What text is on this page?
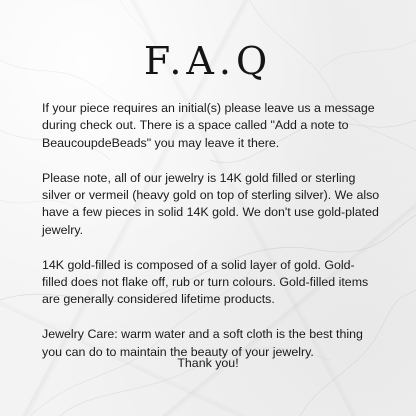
F.A.Q

If your piece requires an initial(s) please leave us a message during check out. There is a space called "Add a note to BeaucoupdeBeads" you may leave it there.

Please note, all of our jewelry is 14K gold filled or sterling silver or vermeil (heavy gold on top of sterling silver). We also have a few pieces in solid 14K gold. We don't use gold-plated jewelry.

14K gold-filled is composed of a solid layer of gold. Gold-filled does not flake off, rub or turn colours. Gold-filled items are generally considered lifetime products.

Jewelry Care: warm water and a soft cloth is the best thing you can do to maintain the beauty of your jewelry.

Thank you!
